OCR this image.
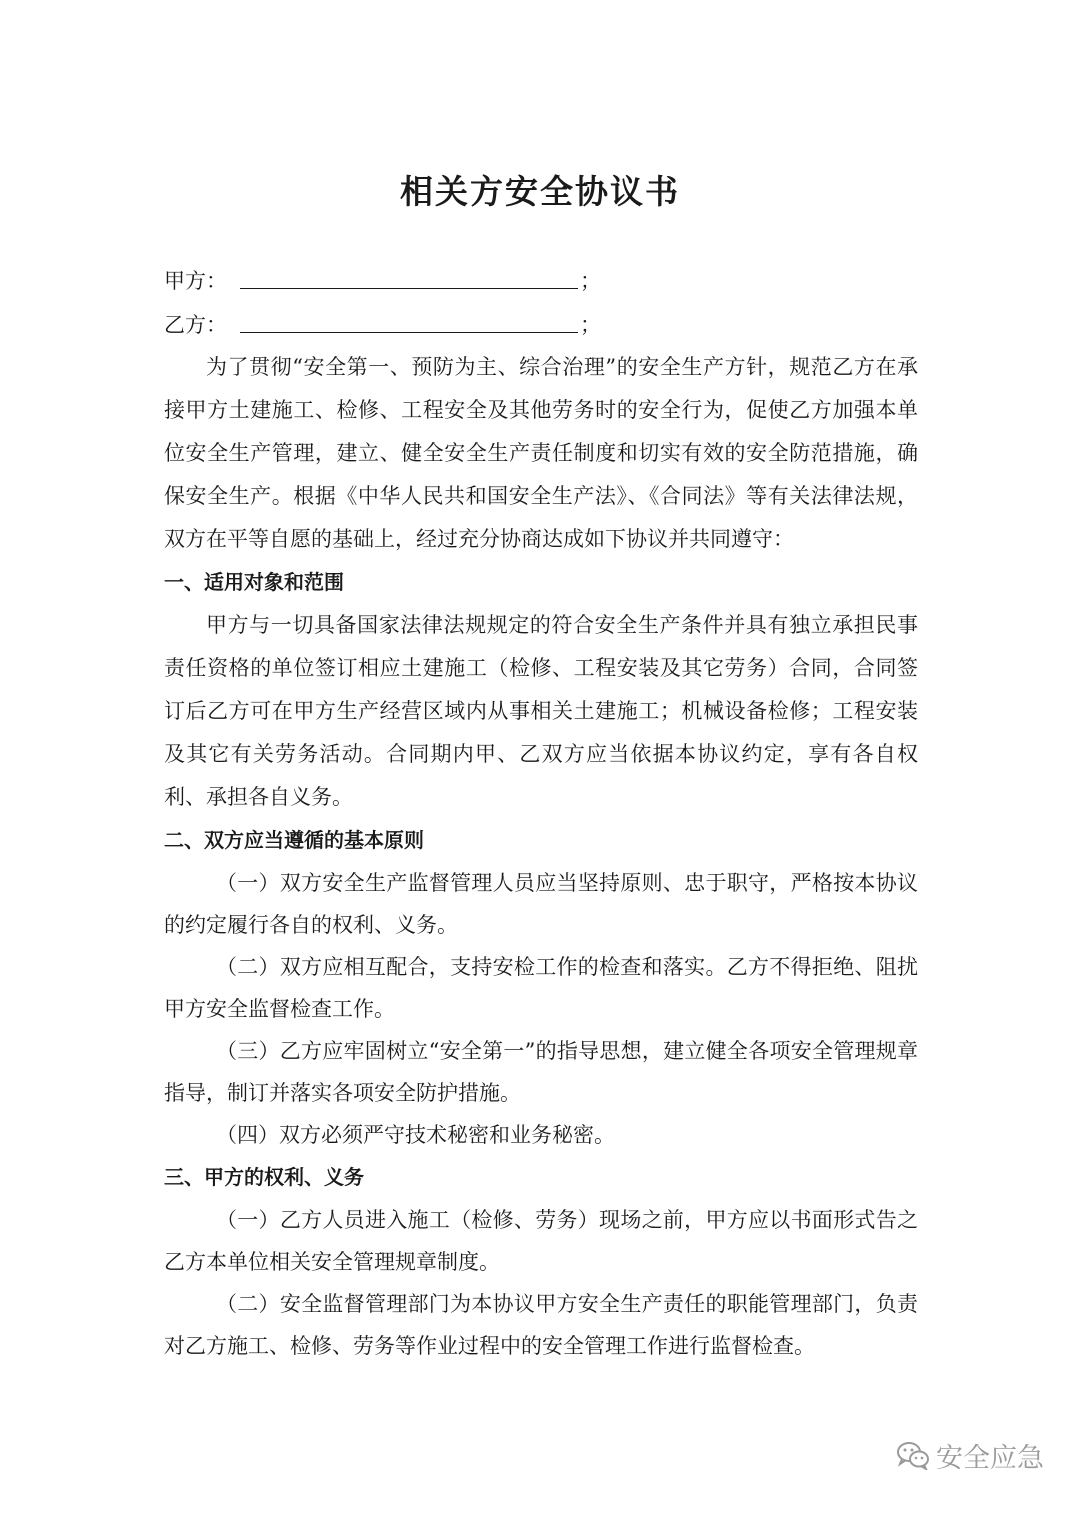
相关方安全协议书
甲方：	；
乙方：	；

为了贯彻“安全第一、预防为主、综合治理”的安全生产方针，规范乙方在承接甲方土建施工、检修、工程安全及其他劳务时的安全行为，促使乙方加强本单位安全生产管理，建立、健全安全生产责任制度和切实有效的安全防范措施，确保安全生产。根据《中华人民共和国安全生产法》、《合同法》等有关法律法规，双方在平等自愿的基础上，经过充分协商达成如下协议并共同遵守：

一、适用对象和范围

甲方与一切具备国家法律法规规定的符合安全生产条件并具有独立承担民事责任资格的单位签订相应土建施工（检修、工程安装及其它劳务）合同，合同签订后乙方可在甲方生产经营区域内从事相关土建施工；机械设备检修；工程安装及其它有关劳务活动。合同期内甲、乙双方应当依据本协议约定，享有各自权利、承担各自义务。

二、双方应当遵循的基本原则

（一）双方安全生产监督管理人员应当坚持原则、忠于职守，严格按本协议的约定履行各自的权利、义务。

（二）双方应相互配合，支持安检工作的检查和落实。乙方不得拒绝、阻扰甲方安全监督检查工作。

（三）乙方应牢固树立“安全第一”的指导思想，建立健全各项安全管理规章指导，制订并落实各项安全防护措施。

（四）双方必须严守技术秘密和业务秘密。

三、甲方的权利、义务

（一）乙方人员进入施工（检修、劳务）现场之前，甲方应以书面形式告之乙方本单位相关安全管理规章制度。

（二）安全监督管理部门为本协议甲方安全生产责任的职能管理部门，负责对乙方施工、检修、劳务等作业过程中的安全管理工作进行监督检查。

安全应急
